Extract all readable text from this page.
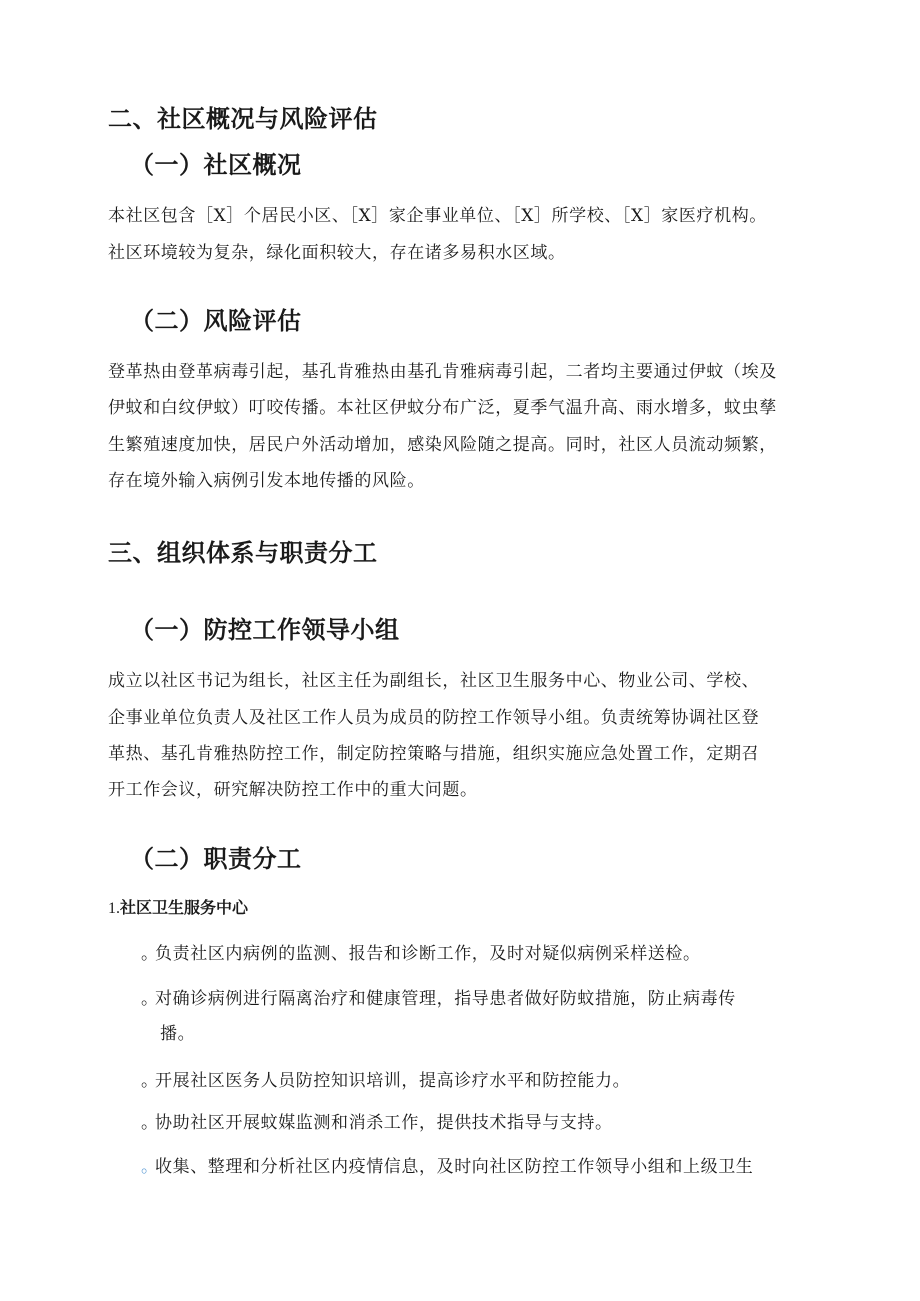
二、社区概况与风险评估
（一）社区概况

本社区包含［X］个居民小区、［X］家企事业单位、［X］所学校、［X］家医疗机构。

社区环境较为复杂，绿化面积较大，存在诸多易积水区域。

（二）风险评估

登革热由登革病毒引起，基孔肯雅热由基孔肯雅病毒引起，二者均主要通过伊蚊（埃及

伊蚊和白纹伊蚊）叮咬传播。本社区伊蚊分布广泛，夏季气温升高、雨水增多，蚊虫孳

生繁殖速度加快，居民户外活动增加，感染风险随之提高。同时，社区人员流动频繁，

存在境外输入病例引发本地传播的风险。

三、组织体系与职责分工
（一）防控工作领导小组

成立以社区书记为组长，社区主任为副组长，社区卫生服务中心、物业公司、学校、

企事业单位负责人及社区工作人员为成员的防控工作领导小组。负责统筹协调社区登

革热、基孔肯雅热防控工作，制定防控策略与措施，组织实施应急处置工作，定期召

开工作会议，研究解决防控工作中的重大问题。

（二）职责分工
1.社区卫生服务中心
。负责社区内病例的监测、报告和诊断工作，及时对疑似病例采样送检。
。对确诊病例进行隔离治疗和健康管理，指导患者做好防蚊措施，防止病毒传
播。
。开展社区医务人员防控知识培训，提高诊疗水平和防控能力。
。协助社区开展蚊媒监测和消杀工作，提供技术指导与支持。
。收集、整理和分析社区内疫情信息，及时向社区防控工作领导小组和上级卫生
